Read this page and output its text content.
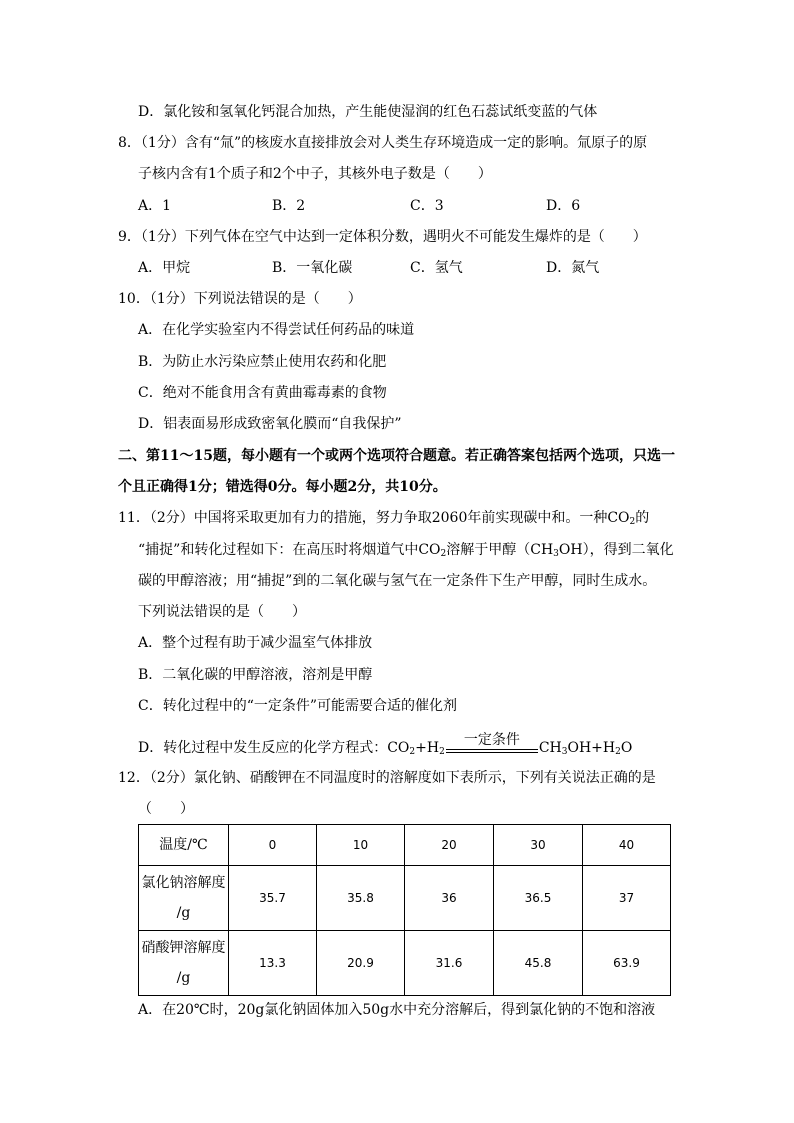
D．氯化铵和氢氧化钙混合加热，产生能使湿润的红色石蕊试纸变蓝的气体
8．（1分）含有“氚”的核废水直接排放会对人类生存环境造成一定的影响。氚原子的原
子核内含有1个质子和2个中子，其核外电子数是（　　）
A．1	B．2	C．3	D．6
9．（1分）下列气体在空气中达到一定体积分数，遇明火不可能发生爆炸的是（　　）
A．甲烷	B．一氧化碳	C．氢气	D．氮气
10．（1分）下列说法错误的是（　　）
A．在化学实验室内不得尝试任何药品的味道
B．为防止水污染应禁止使用农药和化肥
C．绝对不能食用含有黄曲霉毒素的食物
D．铝表面易形成致密氧化膜而“自我保护”
二、第11～15题，每小题有一个或两个选项符合题意。若正确答案包括两个选项，只选一
个且正确得1分；错选得0分。每小题2分，共10分。
11．（2分）中国将采取更加有力的措施，努力争取2060年前实现碳中和。一种$CO_2$的
“捕捉”和转化过程如下：在高压时将烟道气中$CO_2$溶解于甲醇$(CH_3OH)$，得到二氧化
碳的甲醇溶液；用“捕捉”到的二氧化碳与氢气在一定条件下生产甲醇，同时生成水。
下列说法错误的是（　　）
A．整个过程有助于减少温室气体排放
B．二氧化碳的甲醇溶液，溶剂是甲醇
C．转化过程中的“一定条件”可能需要合适的催化剂
D．转化过程中发生反应的化学方程式：$CO_2+H_2$
一定条件	$CH_3OH+H_2O$
12．（2分）氯化钠、硝酸钾在不同温度时的溶解度如下表所示，下列有关说法正确的是
（　　）
温度/℃	0	10	20	30	40
氯化钠溶解度
/g	35.7	35.8	36	36.5	37
硝酸钾溶解度
/g	13.3	20.9	31.6	45.8	63.9
A．在20℃时，20g氯化钠固体加入50g水中充分溶解后，得到氯化钠的不饱和溶液
